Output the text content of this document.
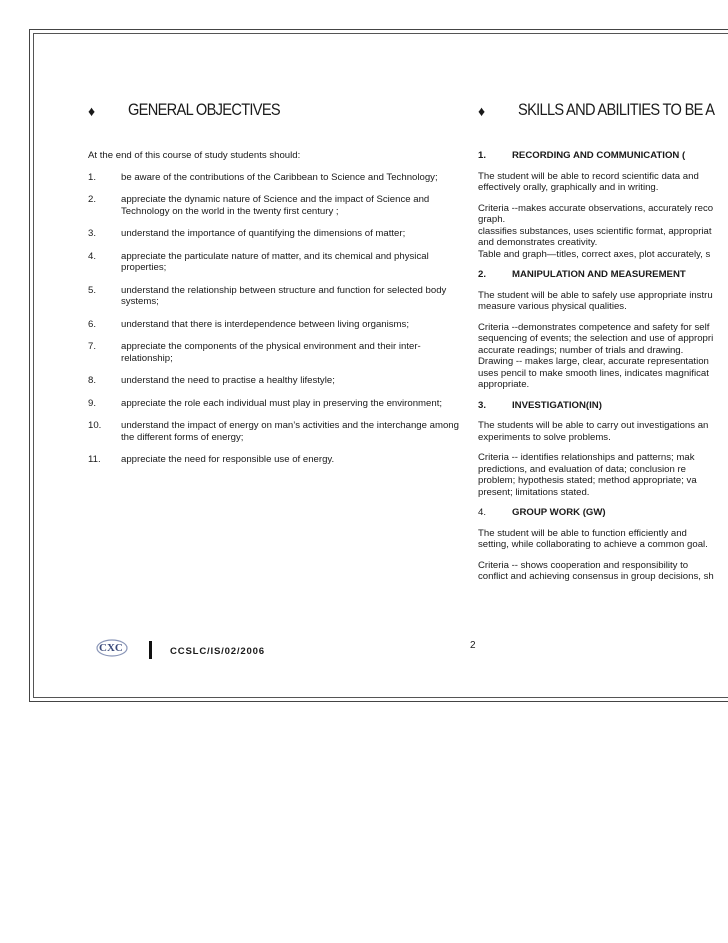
♦ GENERAL OBJECTIVES
At the end of this course of study students should:
1.	be aware of the contributions of the Caribbean to Science and Technology;
2.	appreciate the dynamic nature of Science and the impact of Science and Technology on the world in the twenty first century ;
3.	understand the importance of quantifying the dimensions of matter;
4.	appreciate the particulate nature of matter, and its chemical and physical properties;
5.	understand the relationship between structure and function for selected body systems;
6.	understand that there is interdependence between living organisms;
7.	appreciate the components of the physical environment and their inter-relationship;
8.	understand the need to practise a healthy lifestyle;
9.	appreciate the role each individual must play in preserving the environment;
10. understand the impact of energy on man’s activities and the interchange among the different forms of energy;
11. appreciate the need for responsible use of energy.
♦ SKILLS AND ABILITIES TO BE A
1.	RECORDING AND COMMUNICATION (
The student will be able to record scientific data and
effectively orally, graphically and in writing.
Criteria --makes accurate observations, accurately reco
graph.
classifies substances, uses scientific format, appropriat
and demonstrates creativity.
Table and graph—titles, correct axes, plot accurately, s
2.	MANIPULATION AND MEASUREMENT
The student will be able to safely use appropriate instru
measure various physical qualities.
Criteria --demonstrates competence and safety for self
sequencing of events; the selection and use of appropri
accurate readings; number of trials and drawing.
Drawing -- makes large, clear, accurate representation
uses pencil to make smooth lines, indicates magnificat
appropriate.
3.	INVESTIGATION(IN)
The students will be able to carry out investigations an
experiments to solve problems.
Criteria -- identifies relationships and patterns; mak
predictions, and evaluation of data; conclusion re
problem; hypothesis stated; method appropriate; va
present; limitations stated.
4.	GROUP WORK (GW)
The student will be able to function efficiently and
setting, while collaborating to achieve a common goal.
Criteria -- shows cooperation and responsibility to
conflict and achieving consensus in group decisions, sh
CXC	CCSLC/IS/02/2006
2
